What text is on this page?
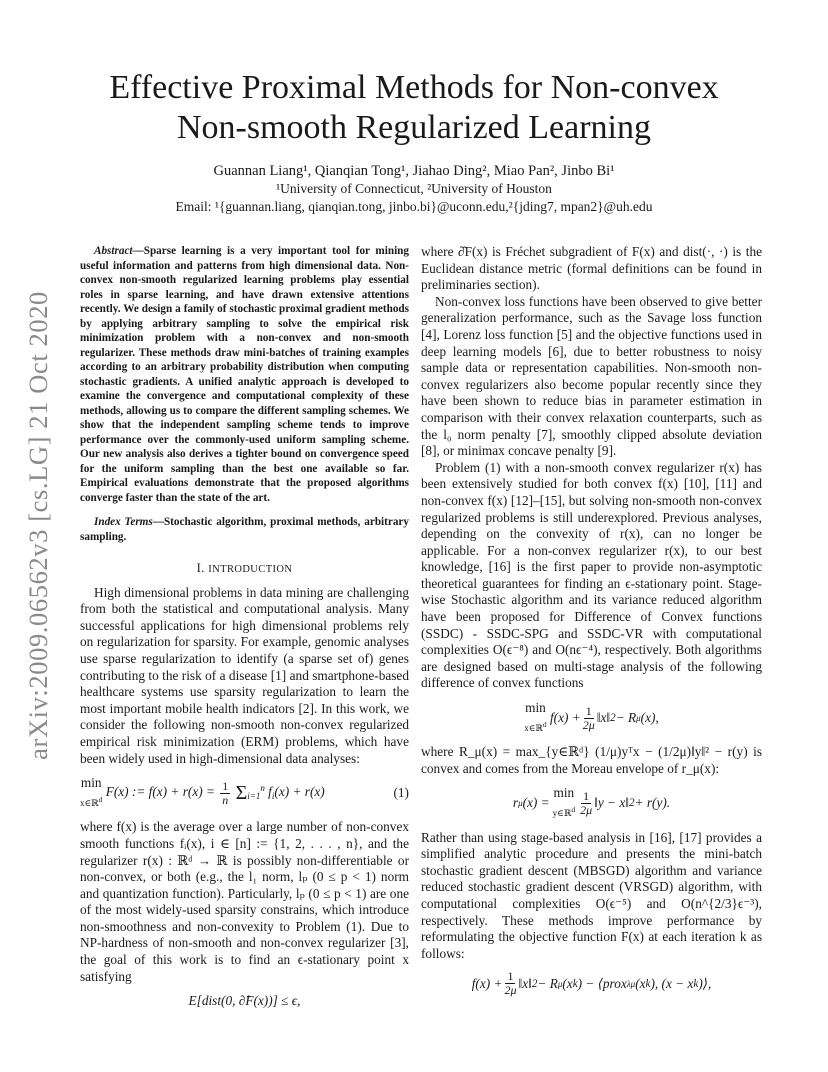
arXiv:2009.06562v3 [cs.LG] 21 Oct 2020
Effective Proximal Methods for Non-convex
Non-smooth Regularized Learning
Guannan Liang¹, Qianqian Tong¹, Jiahao Ding², Miao Pan², Jinbo Bi¹
¹University of Connecticut, ²University of Houston
Email: ¹{guannan.liang, qianqian.tong, jinbo.bi}@uconn.edu,²{jding7, mpan2}@uh.edu

Abstract—Sparse learning is a very important tool for mining useful information and patterns from high dimensional data. Non-convex non-smooth regularized learning problems play essential roles in sparse learning, and have drawn extensive attentions recently. We design a family of stochastic proximal gradient methods by applying arbitrary sampling to solve the empirical risk minimization problem with a non-convex and non-smooth regularizer. These methods draw mini-batches of training examples according to an arbitrary probability distribution when computing stochastic gradients. A unified analytic approach is developed to examine the convergence and computational complexity of these methods, allowing us to compare the different sampling schemes. We show that the independent sampling scheme tends to improve performance over the commonly-used uniform sampling scheme. Our new analysis also derives a tighter bound on convergence speed for the uniform sampling than the best one available so far. Empirical evaluations demonstrate that the proposed algorithms converge faster than the state of the art.

Index Terms—Stochastic algorithm, proximal methods, arbitrary sampling.

I. INTRODUCTION

High dimensional problems in data mining are challenging from both the statistical and computational analysis. Many successful applications for high dimensional problems rely on regularization for sparsity. For example, genomic analyses use sparse regularization to identify (a sparse set of) genes contributing to the risk of a disease [1] and smartphone-based healthcare systems use sparsity regularization to learn the most important mobile health indicators [2]. In this work, we consider the following non-smooth non-convex regularized empirical risk minimization (ERM) problems, which have been widely used in high-dimensional data analyses:

min
x∈ℝ$^d$ F(x) := $f(x) + r(x) = \frac{1}{n} \Sigma_{i=1}^n$ $f_i(x) + r(x)$	(1)

where f(x) is the average over a large number of non-convex smooth functions fᵢ(x), i ∈ [n] := {1, 2, . . . , n}, and the regularizer r(x) : ℝᵈ → ℝ is possibly non-differentiable or non-convex, or both (e.g., the l₁ norm, lₚ (0 ≤ p < 1) norm and quantization function). Particularly, lₚ (0 ≤ p < 1) are one of the most widely-used sparsity constrains, which introduce non-smoothness and non-convexity to Problem (1). Due to NP-hardness of non-smooth and non-convex regularizer [3], the goal of this work is to find an ϵ-stationary point x satisfying

E[dist(0, ∂̂F(x))] ≤ ϵ,

where ∂̂F(x) is Fréchet subgradient of F(x) and dist(·, ·) is the Euclidean distance metric (formal definitions can be found in preliminaries section).

Non-convex loss functions have been observed to give better generalization performance, such as the Savage loss function [4], Lorenz loss function [5] and the objective functions used in deep learning models [6], due to better robustness to noisy sample data or representation capabilities. Non-smooth non-convex regularizers also become popular recently since they have been shown to reduce bias in parameter estimation in comparison with their convex relaxation counterparts, such as the l₀ norm penalty [7], smoothly clipped absolute deviation [8], or minimax concave penalty [9].

Problem (1) with a non-smooth convex regularizer r(x) has been extensively studied for both convex f(x) [10], [11] and non-convex f(x) [12]–[15], but solving non-smooth non-convex regularized problems is still underexplored. Previous analyses, depending on the convexity of r(x), can no longer be applicable. For a non-convex regularizer r(x), to our best knowledge, [16] is the first paper to provide non-asymptotic theoretical guarantees for finding an ϵ-stationary point. Stage-wise Stochastic algorithm and its variance reduced algorithm have been proposed for Difference of Convex functions (SSDC) - SSDC-SPG and SSDC-VR with computational complexities O(ϵ⁻⁸) and O(nϵ⁻⁴), respectively. Both algorithms are designed based on multi-stage analysis of the following difference of convex functions

min
x∈ℝ$^d$ $f(x) + \frac{1}{2\mu}$ ‖x‖ 2 − R μ (x),

where R_μ(x) = max_{y∈ℝᵈ} (1/μ)yᵀx − (1/2μ)‖y‖² − r(y) is convex and comes from the Moreau envelope of r_μ(x):

r μ (x) =
min
y∈ℝ$^d$ $\frac{1}{2\mu}$ ‖y − x‖ 2 + r(y).

Rather than using stage-based analysis in [16], [17] provides a simplified analytic procedure and presents the mini-batch stochastic gradient descent (MBSGD) algorithm and variance reduced stochastic gradient descent (VRSGD) algorithm, with computational complexities O(ϵ⁻⁵) and O(n^{2/3}ϵ⁻³), respectively. These methods improve performance by reformulating the objective function F(x) at each iteration k as follows:

$f(x) + \frac{1}{2\mu}$ ‖x‖ 2 − R μ (x k ) − ⟨prox λμ (x k ), (x − x k )⟩,
